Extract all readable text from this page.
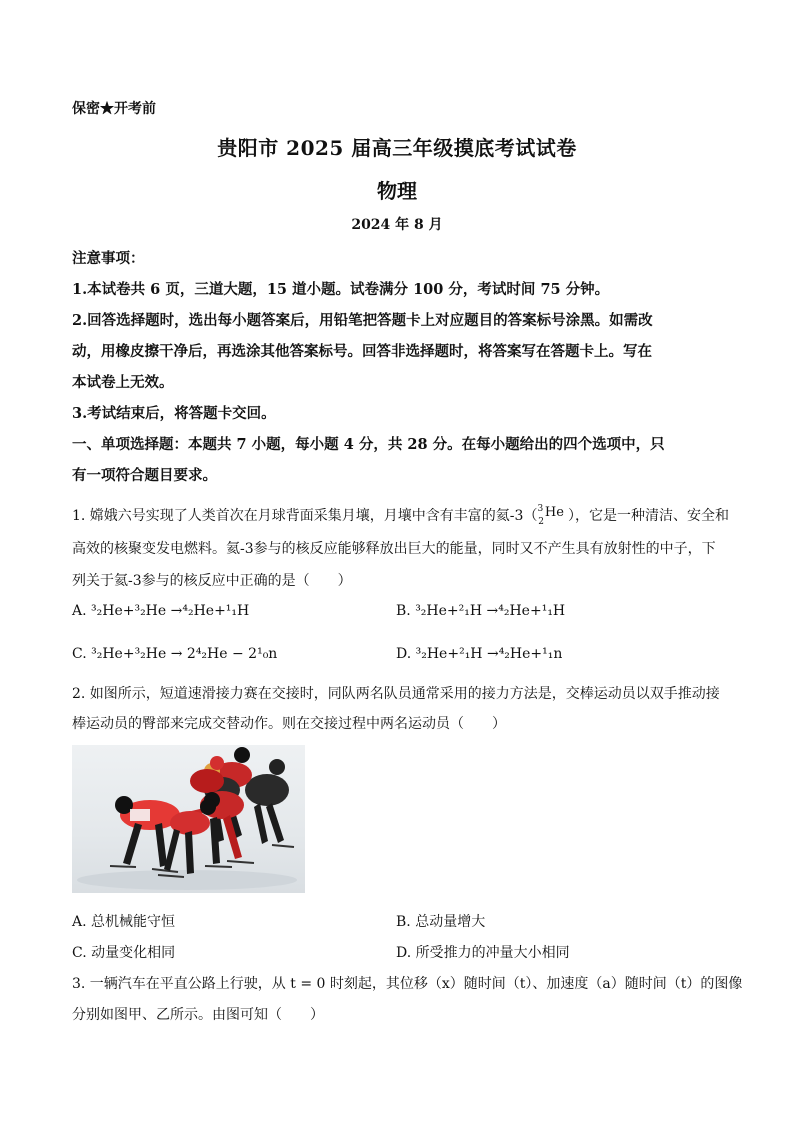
保密★开考前
贵阳市 2025 届高三年级摸底考试试卷
物理
2024 年 8 月
注意事项：
1.本试卷共 6 页，三道大题，15 道小题。试卷满分 100 分，考试时间 75 分钟。
2.回答选择题时，选出每小题答案后，用铅笔把答题卡上对应题目的答案标号涂黑。如需改
动，用橡皮擦干净后，再选涂其他答案标号。回答非选择题时，将答案写在答题卡上。写在
本试卷上无效。
3.考试结束后，将答题卡交回。
一、单项选择题：本题共 7 小题，每小题 4 分，共 28 分。在每小题给出的四个选项中，只
有一项符合题目要求。
1. 嫦娥六号实现了人类首次在月球背面采集月壤，月壤中含有丰富的氦-3（$^3_2$He ），它是一种清洁、安全和
高效的核聚变发电燃料。氦-3参与的核反应能够释放出巨大的能量，同时又不产生具有放射性的中子，下
列关于氦-3参与的核反应中正确的是（　　）
A. ³₂He+³₂He →⁴₂He+¹₁H	B. ³₂He+²₁H →⁴₂He+¹₁H
C. ³₂He+³₂He → 2⁴₂He − 2¹₀n	D. ³₂He+²₁H →⁴₂He+¹₁n
2. 如图所示，短道速滑接力赛在交接时，同队两名队员通常采用的接力方法是，交棒运动员以双手推动接
棒运动员的臀部来完成交替动作。则在交接过程中两名运动员（　　）
A. 总机械能守恒	B. 总动量增大
C. 动量变化相同	D. 所受推力的冲量大小相同
3. 一辆汽车在平直公路上行驶，从 t = 0 时刻起，其位移（x）随时间（t）、加速度（a）随时间（t）的图像
分别如图甲、乙所示。由图可知（　　）
